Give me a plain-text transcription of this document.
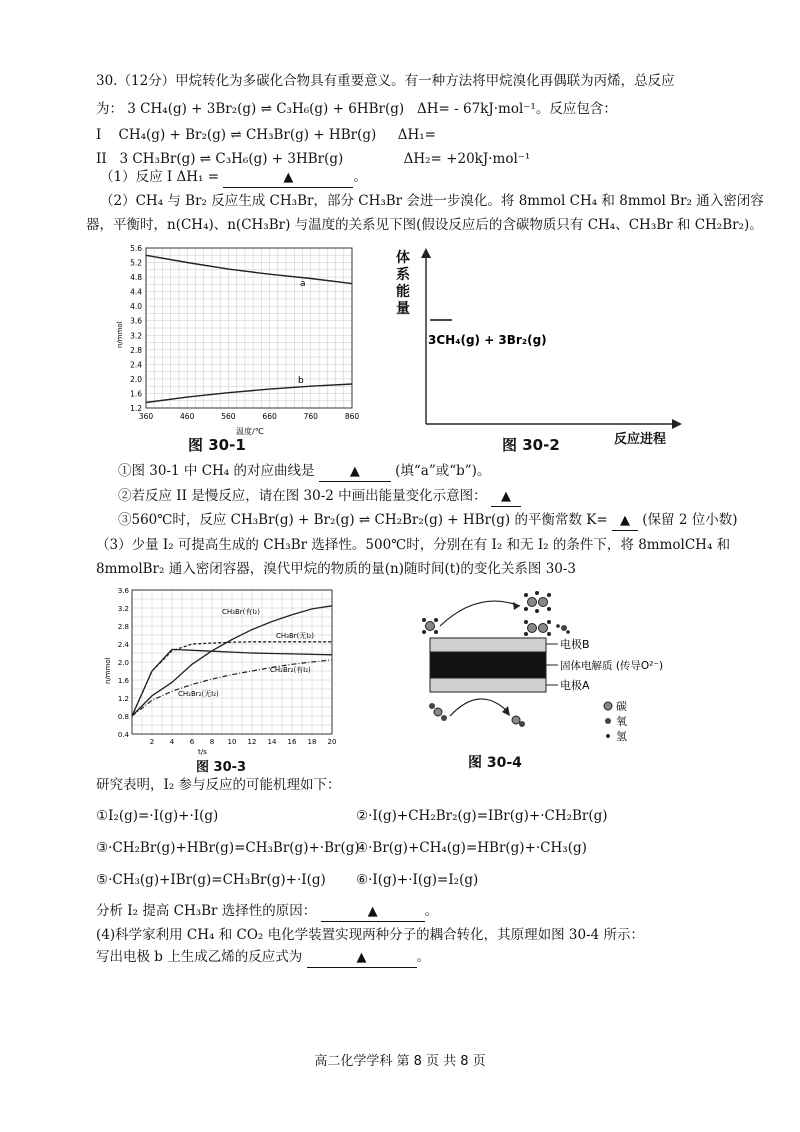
30.（12分）甲烷转化为多碳化合物具有重要意义。有一种方法将甲烷溴化再偶联为丙烯，总反应
为： 3 CH₄(g) + 3Br₂(g) ⇌ C₃H₆(g) + 6HBr(g) ΔH= - 67kJ·mol⁻¹。反应包含：
I CH₄(g) + Br₂(g) ⇌ CH₃Br(g) + HBr(g) ΔH₁=
II 3 CH₃Br(g) ⇌ C₃H₆(g) + 3HBr(g)	ΔH₂= +20kJ·mol⁻¹
（1）反应 I ΔH₁ =	▲	。
（2）CH₄ 与 Br₂ 反应生成 CH₃Br，部分 CH₃Br 会进一步溴化。将 8mmol CH₄ 和 8mmol Br₂ 通入密闭容
器，平衡时，n(CH₄)、n(CH₃Br) 与温度的关系见下图(假设反应后的含碳物质只有 CH₄、CH₃Br 和 CH₂Br₂)。
5.6
5.2
4.8
4.4
4.0
3.6
3.2
2.8
2.4
2.0
1.6
1.2
360	460	560	660	760	860
a
b
n/mmol
温度/℃
图 30-1
3CH₄(g) + 3Br₂(g)
体系能量
反应进程
图 30-2
①图 30-1 中 CH₄ 的对应曲线是	▲	(填“a”或“b”)。
②若反应 II 是慢反应，请在图 30-2 中画出能量变化示意图： ▲
③560℃时，反应 CH₃Br(g) + Br₂(g) ⇌ CH₂Br₂(g) + HBr(g) 的平衡常数 K= ▲ (保留 2 位小数)
（3）少量 I₂ 可提高生成的 CH₃Br 选择性。500℃时，分别在有 I₂ 和无 I₂ 的条件下，将 8mmolCH₄ 和
8mmolBr₂ 通入密闭容器，溴代甲烷的物质的量(n)随时间(t)的变化关系图 30-3
3.6
3.2
2.8
2.4
2.0
1.6
1.2
0.8
0.4
2 4 6 8 10 12 14 16 18 20
CH₃Br(有I₂)
CH₃Br(无I₂)
CH₂Br₂(有I₂)
CH₂Br₂(无I₂)
n/mmol
t/s
图 30-3
电极B
固体电解质 (传导O²⁻)
电极A
碳
氧
氢
图 30-4
研究表明，I₂ 参与反应的可能机理如下：
①I₂(g)=·I(g)+·I(g)	②·I(g)+CH₂Br₂(g)=IBr(g)+·CH₂Br(g)
③·CH₂Br(g)+HBr(g)=CH₃Br(g)+·Br(g)
④·Br(g)+CH₄(g)=HBr(g)+·CH₃(g)
⑤·CH₃(g)+IBr(g)=CH₃Br(g)+·I(g) ⑥·I(g)+·I(g)=I₂(g)
分析 I₂ 提高 CH₃Br 选择性的原因：	▲	。
(4)科学家利用 CH₄ 和 CO₂ 电化学装置实现两种分子的耦合转化，其原理如图 30-4 所示：
写出电极 b 上生成乙烯的反应式为	▲	。
高二化学学科 第 8 页 共 8 页
